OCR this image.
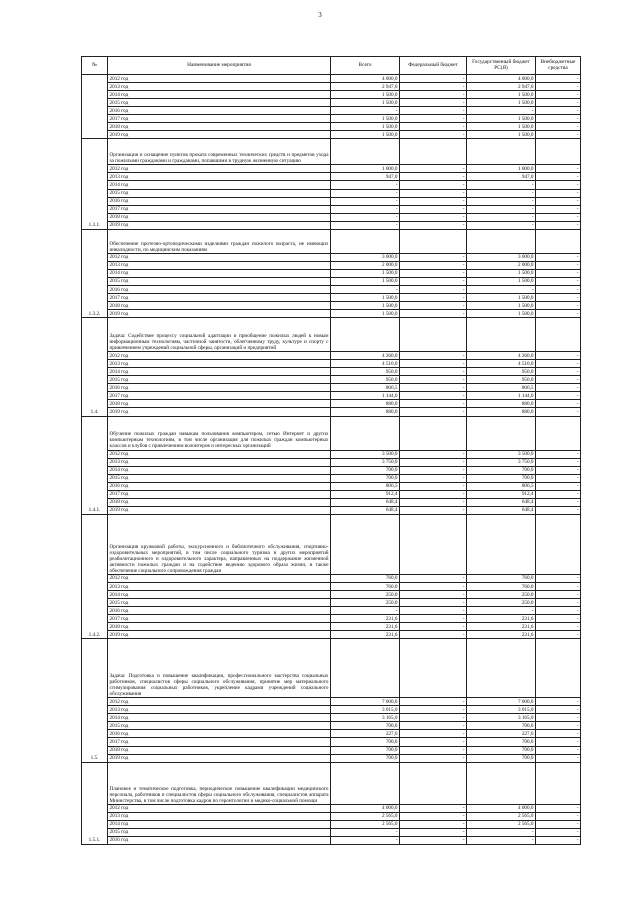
3
№	Наименование мероприятия	Всего	Федеральный бюджет	Государственный бюджет РС(Я)	Внебюджетные средства
	2012 год	4 000,0	-	4 000,0	-
	2013 год	2 947,0	-	2 947,0	-
	2014 год	1 500,0	-	1 500,0	-
	2015 год	1 500,0	-	1 500,0	-
	2016 год	-	-	-	-
	2017 год	1 500,0	-	1 500,0	-
	2018 год	1 500,0	-	1 500,0	-
	2019 год	1 500,0	-	1 500,0	-
1.3.1.	Организация и оснащение пунктов проката современных технических средств и предметов ухода за пожилыми гражданами и гражданами, попавшими в трудную жизненную ситуацию				
	2012 год	1 000,0	-	1 000,0	-
	2013 год	947,0	-	947,0	-
	2014 год	-	-	-	-
	2015 год	-	-	-	-
	2016 год	-	-	-	-
	2017 год	-	-	-	-
	2018 год	-	-	-	-
	2019 год	-	-	-	-
1.3.2.	Обеспечение протезно-ортопедическими изделиями граждан пожилого возраста, не имеющих инвалидности, по медицинским показаниям				
	2012 год	3 000,0	-	3 000,0	-
	2013 год	2 000,0	-	2 000,0	-
	2014 год	1 500,0	-	1 500,0	-
	2015 год	1 500,0	-	1 500,0	-
	2016 год	-	-	-	-
	2017 год	1 500,0	-	1 500,0	-
	2018 год	1 500,0	-	1 500,0	-
	2019 год	1 500,0	-	1 500,0	-
1.4.	Задача: Содействие процессу социальной адаптации и приобщение пожилых людей к новым информационным технологиям, частичной занятости, облегченному труду, культуре и спорту с привлечением учреждений социальной сферы, организаций и предприятий				
	2012 год	4 260,0	-	4 260,0	-
	2013 год	4 510,0	-	4 510,0	-
	2014 год	950,0	-	950,0	-
	2015 год	950,0	-	950,0	-
	2016 год	806,5	-	806,5	-
	2017 год	1 144,0	-	1 144,0	-
	2018 год	880,0	-	880,0	-
	2019 год	880,0	-	880,0	-
1.4.1.	Обучение пожилых граждан навыкам пользования компьютером, сетью Интернет и других компьютерным технологиям, в том числе организация для пожилых граждан компьютерных классов и клубов с привлечением волонтеров и интересных организаций				
	2012 год	3 500,0	-	3 500,0	-
	2013 год	3 750,0	-	3 750,0	-
	2014 год	700,0	-	700,0	-
	2015 год	700,0	-	700,0	-
	2016 год	806,5	-	806,5	-
	2017 год	912,4	-	912,4	-
	2018 год	648,4	-	648,4	-
	2019 год	648,4	-	648,4	-
1.4.2.	Организация кружковой работы, экскурсионного и библиотечного обслуживания, спортивно-оздоровительных мероприятий, в том числе социального туризма и других мероприятий реабилитационного и оздоровительного характера, направленных на поддержание жизненной активности пожилых граждан и на содействие ведению здорового образа жизни, в также обеспечение социального сопровождения граждан				
	2012 год	760,0	-	760,0	-
	2013 год	760,0	-	760,0	-
	2014 год	250,0	-	250,0	-
	2015 год	250,0	-	250,0	-
	2016 год	-	-	-	-
	2017 год	231,6	-	231,6	-
	2018 год	231,6	-	231,6	-
	2019 год	231,6	-	231,6	-
1.5.	Задача: Подготовка и повышение квалификации, профессионального мастерства социальных работников, специалистов сферы социального обслуживания, принятие мер материального стимулирования социальных работников, укрепление кадрами учреждений социального обслуживания				
	2012 год	7 000,0	-	7 000,0	-
	2013 год	3 015,0	-	3 015,0	-
	2014 год	3 165,0	-	3 165,0	-
	2015 год	700,0	-	700,0	-
	2016 год	227,6	-	227,6	-
	2017 год	700,0	-	700,0	-
	2018 год	700,0	-	700,0	-
	2019 год	700,0	-	700,0	-
1.5.1.	Плановое и тематическое подготовка, периодическое повышение квалификации медицинского персонала, работников и специалистов сферы социального обслуживания, специалистов аппарата Министерства, в том числе подготовка кадров по геронтологии и медико-социальной помощи				
	2012 год	4 000,0	-	4 000,0	-
	2013 год	2 565,0	-	2 565,0	-
	2014 год	2 565,0	-	2 565,0	-
	2015 год	-	-	-	-
	2016 год	-	-	-	-
